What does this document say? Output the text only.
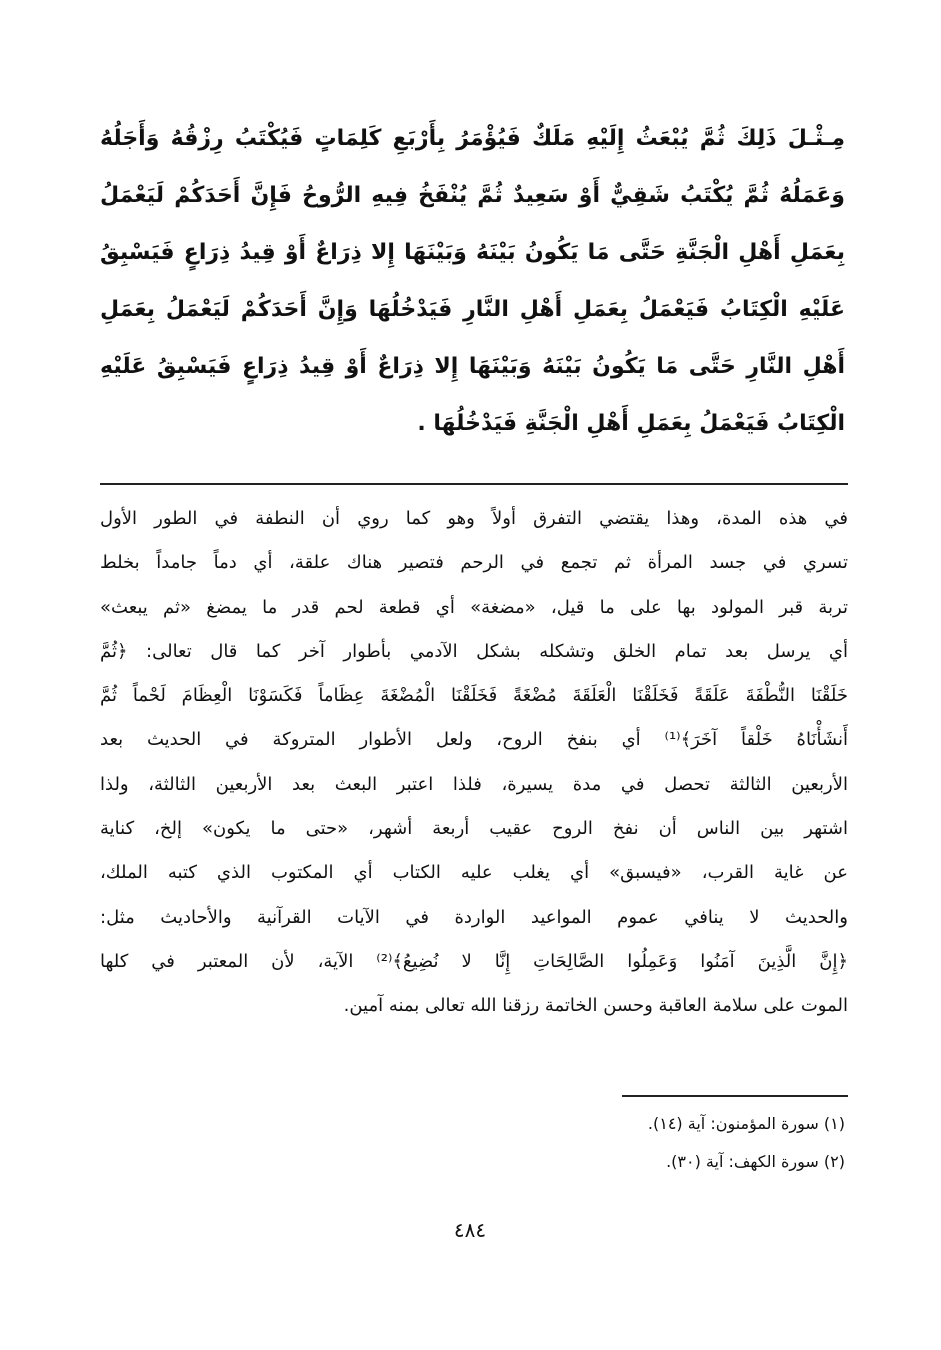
مِـثْـلَ ذَلِكَ ثُمَّ يُبْعَثُ إِلَيْهِ مَلَكٌ فَيُؤْمَرُ بِأَرْبَعِ كَلِمَاتٍ فَيُكْتَبُ رِزْقُهُ وَأَجَلُهُ
وَعَمَلُهُ ثُمَّ يُكْتَبُ شَقِيٌّ أَوْ سَعِيدٌ ثُمَّ يُنْفَخُ فِيهِ الرُّوحُ فَإِنَّ أَحَدَكُمْ لَيَعْمَلُ
بِعَمَلِ أَهْلِ الْجَنَّةِ حَتَّى مَا يَكُونُ بَيْنَهُ وَبَيْنَهَا إِلا ذِرَاعٌ أَوْ قِيدُ ذِرَاعٍ فَيَسْبِقُ
عَلَيْهِ الْكِتَابُ فَيَعْمَلُ بِعَمَلِ أَهْلِ النَّارِ فَيَدْخُلُهَا وَإِنَّ أَحَدَكُمْ لَيَعْمَلُ بِعَمَلِ
أَهْلِ النَّارِ حَتَّى مَا يَكُونُ بَيْنَهُ وَبَيْنَهَا إِلا ذِرَاعٌ أَوْ قِيدُ ذِرَاعٍ فَيَسْبِقُ عَلَيْهِ
الْكِتَابُ فَيَعْمَلُ بِعَمَلِ أَهْلِ الْجَنَّةِ فَيَدْخُلُهَا .
في هذه المدة، وهذا يقتضي التفرق أولاً وهو كما روي أن النطفة في الطور الأول
تسري في جسد المرأة ثم تجمع في الرحم فتصير هناك علقة، أي دماً جامداً بخلط
تربة قبر المولود بها على ما قيل، «مضغة» أي قطعة لحم قدر ما يمضغ «ثم يبعث»
أي يرسل بعد تمام الخلق وتشكله بشكل الآدمي بأطوار آخر كما قال تعالى: ﴿ثُمَّ
خَلَقْنَا النُّطْفَةَ عَلَقَةً فَخَلَقْنَا الْعَلَقَةَ مُضْغَةً فَخَلَقْنَا الْمُضْغَةَ عِظَاماً فَكَسَوْنَا الْعِظَامَ لَحْماً ثُمَّ
أَنشَأْنَاهُ خَلْقاً آخَرَ﴾⁽¹⁾ أي بنفخ الروح، ولعل الأطوار المتروكة في الحديث بعد
الأربعين الثالثة تحصل في مدة يسيرة، فلذا اعتبر البعث بعد الأربعين الثالثة، ولذا
اشتهر بين الناس أن نفخ الروح عقيب أربعة أشهر، «حتى ما يكون» إلخ، كناية
عن غاية القرب، «فيسبق» أي يغلب عليه الكتاب أي المكتوب الذي كتبه الملك،
والحديث لا ينافي عموم المواعيد الواردة في الآيات القرآنية والأحاديث مثل:
﴿إِنَّ الَّذِينَ آمَنُوا وَعَمِلُوا الصَّالِحَاتِ إِنَّا لا نُضِيعُ﴾⁽²⁾ الآية، لأن المعتبر في كلها
الموت على سلامة العاقبة وحسن الخاتمة رزقنا الله تعالى بمنه آمين.
(١) سورة المؤمنون: آية (١٤).
(٢) سورة الكهف: آية (٣٠).
٤٨٤
